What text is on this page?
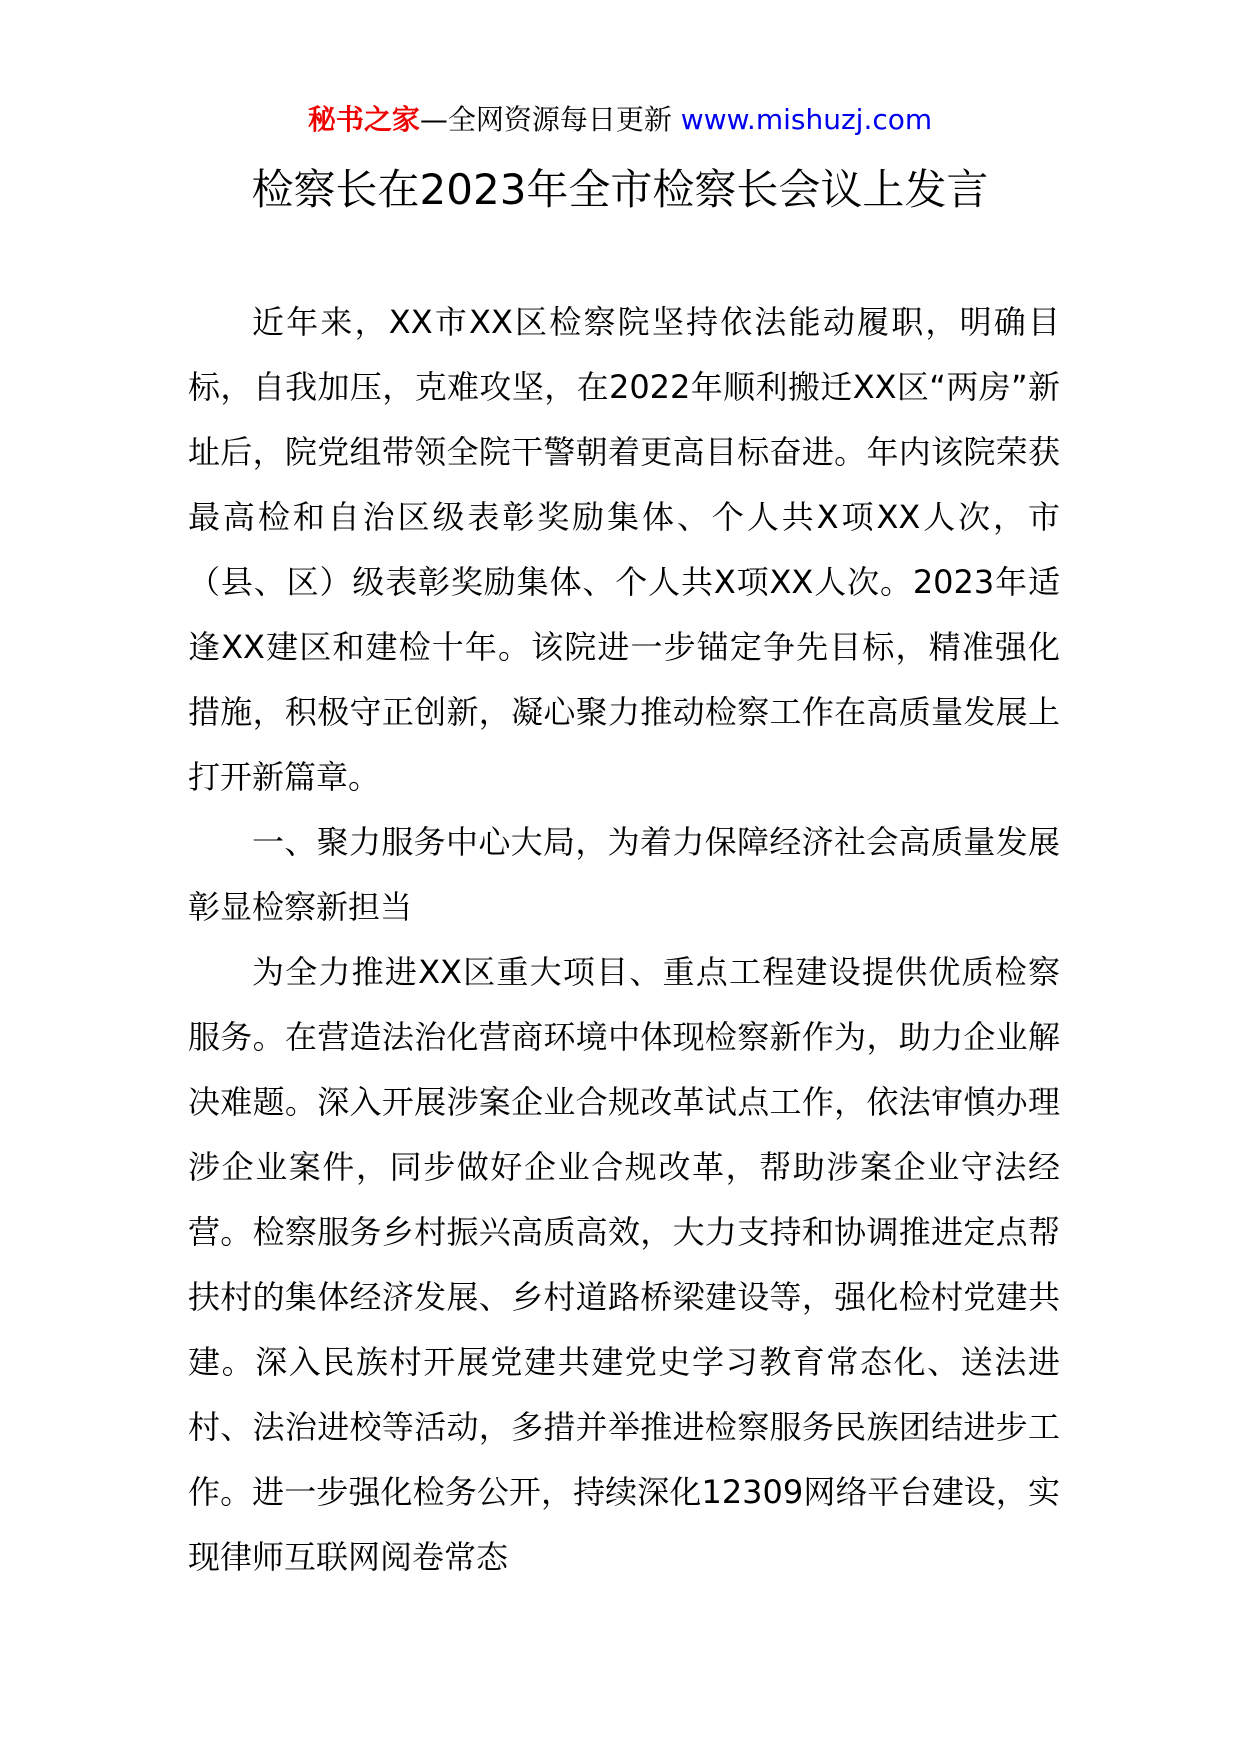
秘书之家—全网资源每日更新 www.mishuzj.com
检察长在2023年全市检察长会议上发言

近年来，XX市XX区检察院坚持依法能动履职，明确目标，自我加压，克难攻坚，在2022年顺利搬迁XX区“两房”新址后，院党组带领全院干警朝着更高目标奋进。年内该院荣获最高检和自治区级表彰奖励集体、个人共X项XX人次，市（县、区）级表彰奖励集体、个人共X项XX人次。2023年适逢XX建区和建检十年。该院进一步锚定争先目标，精准强化措施，积极守正创新，凝心聚力推动检察工作在高质量发展上打开新篇章。

一、聚力服务中心大局，为着力保障经济社会高质量发展彰显检察新担当

为全力推进XX区重大项目、重点工程建设提供优质检察服务。在营造法治化营商环境中体现检察新作为，助力企业解决难题。深入开展涉案企业合规改革试点工作，依法审慎办理涉企业案件，同步做好企业合规改革，帮助涉案企业守法经营。检察服务乡村振兴高质高效，大力支持和协调推进定点帮扶村的集体经济发展、乡村道路桥梁建设等，强化检村党建共建。深入民族村开展党建共建党史学习教育常态化、送法进村、法治进校等活动，多措并举推进检察服务民族团结进步工作。进一步强化检务公开，持续深化12309网络平台建设，实现律师互联网阅卷常态
